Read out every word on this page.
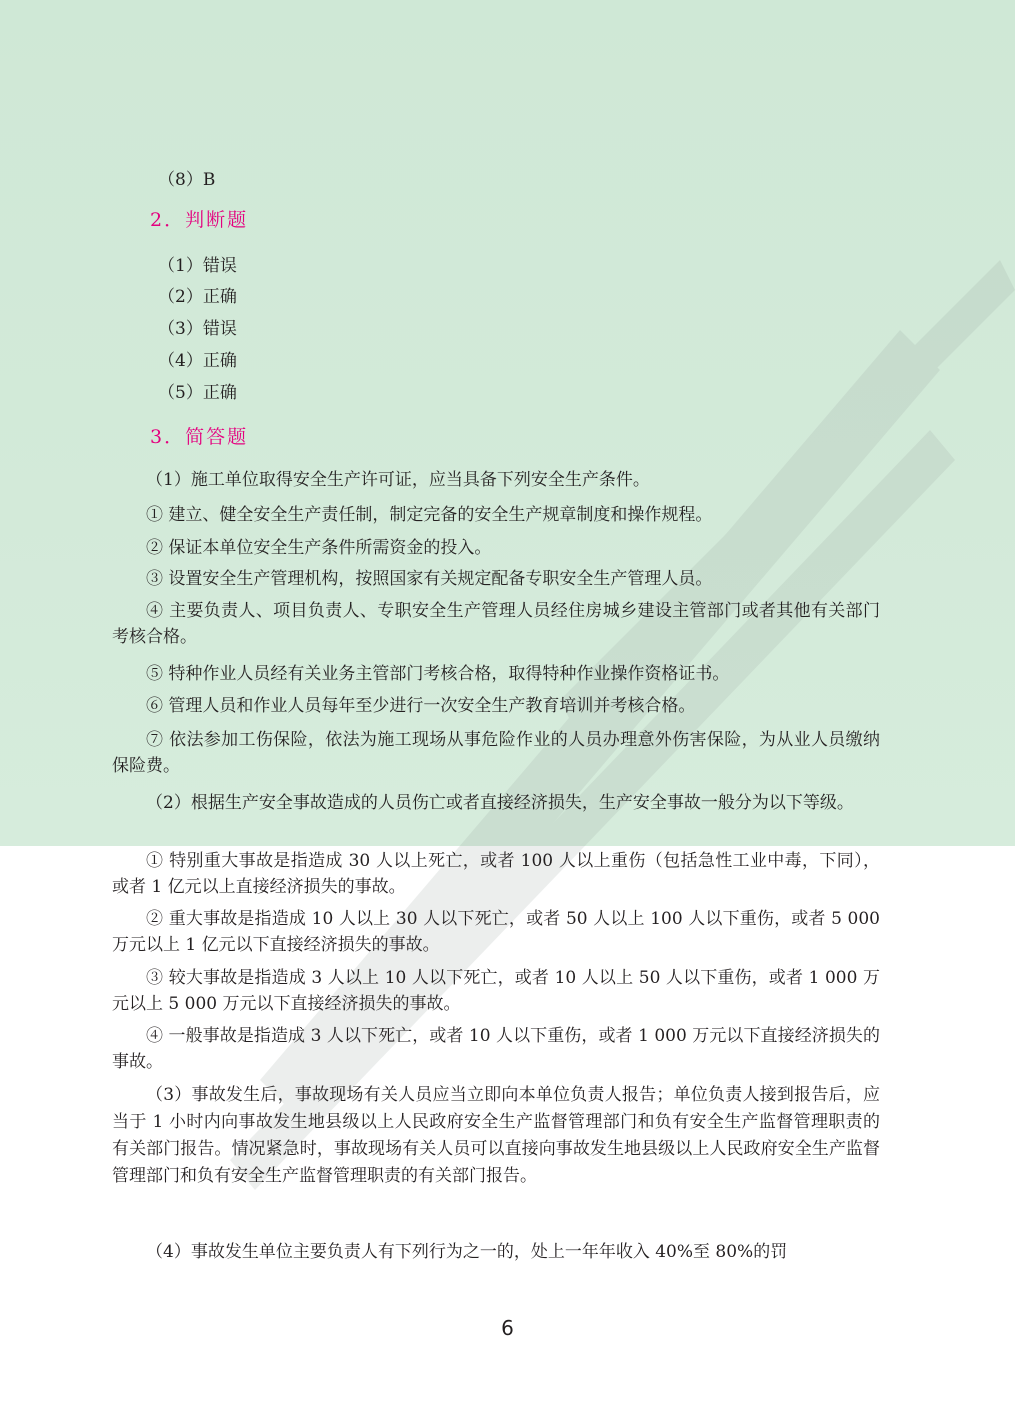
（8）B
2．判断题
（1）错误
（2）正确
（3）错误
（4）正确
（5）正确
3．简答题
（1）施工单位取得安全生产许可证，应当具备下列安全生产条件。
① 建立、健全安全生产责任制，制定完备的安全生产规章制度和操作规程。
② 保证本单位安全生产条件所需资金的投入。
③ 设置安全生产管理机构，按照国家有关规定配备专职安全生产管理人员。
④ 主要负责人、项目负责人、专职安全生产管理人员经住房城乡建设主管部门或者其他有关部门考核合格。
⑤ 特种作业人员经有关业务主管部门考核合格，取得特种作业操作资格证书。
⑥ 管理人员和作业人员每年至少进行一次安全生产教育培训并考核合格。
⑦ 依法参加工伤保险，依法为施工现场从事危险作业的人员办理意外伤害保险，为从业人员缴纳保险费。
（2）根据生产安全事故造成的人员伤亡或者直接经济损失，生产安全事故一般分为以下等级。
① 特别重大事故是指造成 30 人以上死亡，或者 100 人以上重伤（包括急性工业中毒，下同），或者 1 亿元以上直接经济损失的事故。
② 重大事故是指造成 10 人以上 30 人以下死亡，或者 50 人以上 100 人以下重伤，或者 5 000 万元以上 1 亿元以下直接经济损失的事故。
③ 较大事故是指造成 3 人以上 10 人以下死亡，或者 10 人以上 50 人以下重伤，或者 1 000 万元以上 5 000 万元以下直接经济损失的事故。
④ 一般事故是指造成 3 人以下死亡，或者 10 人以下重伤，或者 1 000 万元以下直接经济损失的事故。
（3）事故发生后，事故现场有关人员应当立即向本单位负责人报告；单位负责人接到报告后，应当于 1 小时内向事故发生地县级以上人民政府安全生产监督管理部门和负有安全生产监督管理职责的有关部门报告。情况紧急时，事故现场有关人员可以直接向事故发生地县级以上人民政府安全生产监督管理部门和负有安全生产监督管理职责的有关部门报告。
（4）事故发生单位主要负责人有下列行为之一的，处上一年年收入 40%至 80%的罚
6
